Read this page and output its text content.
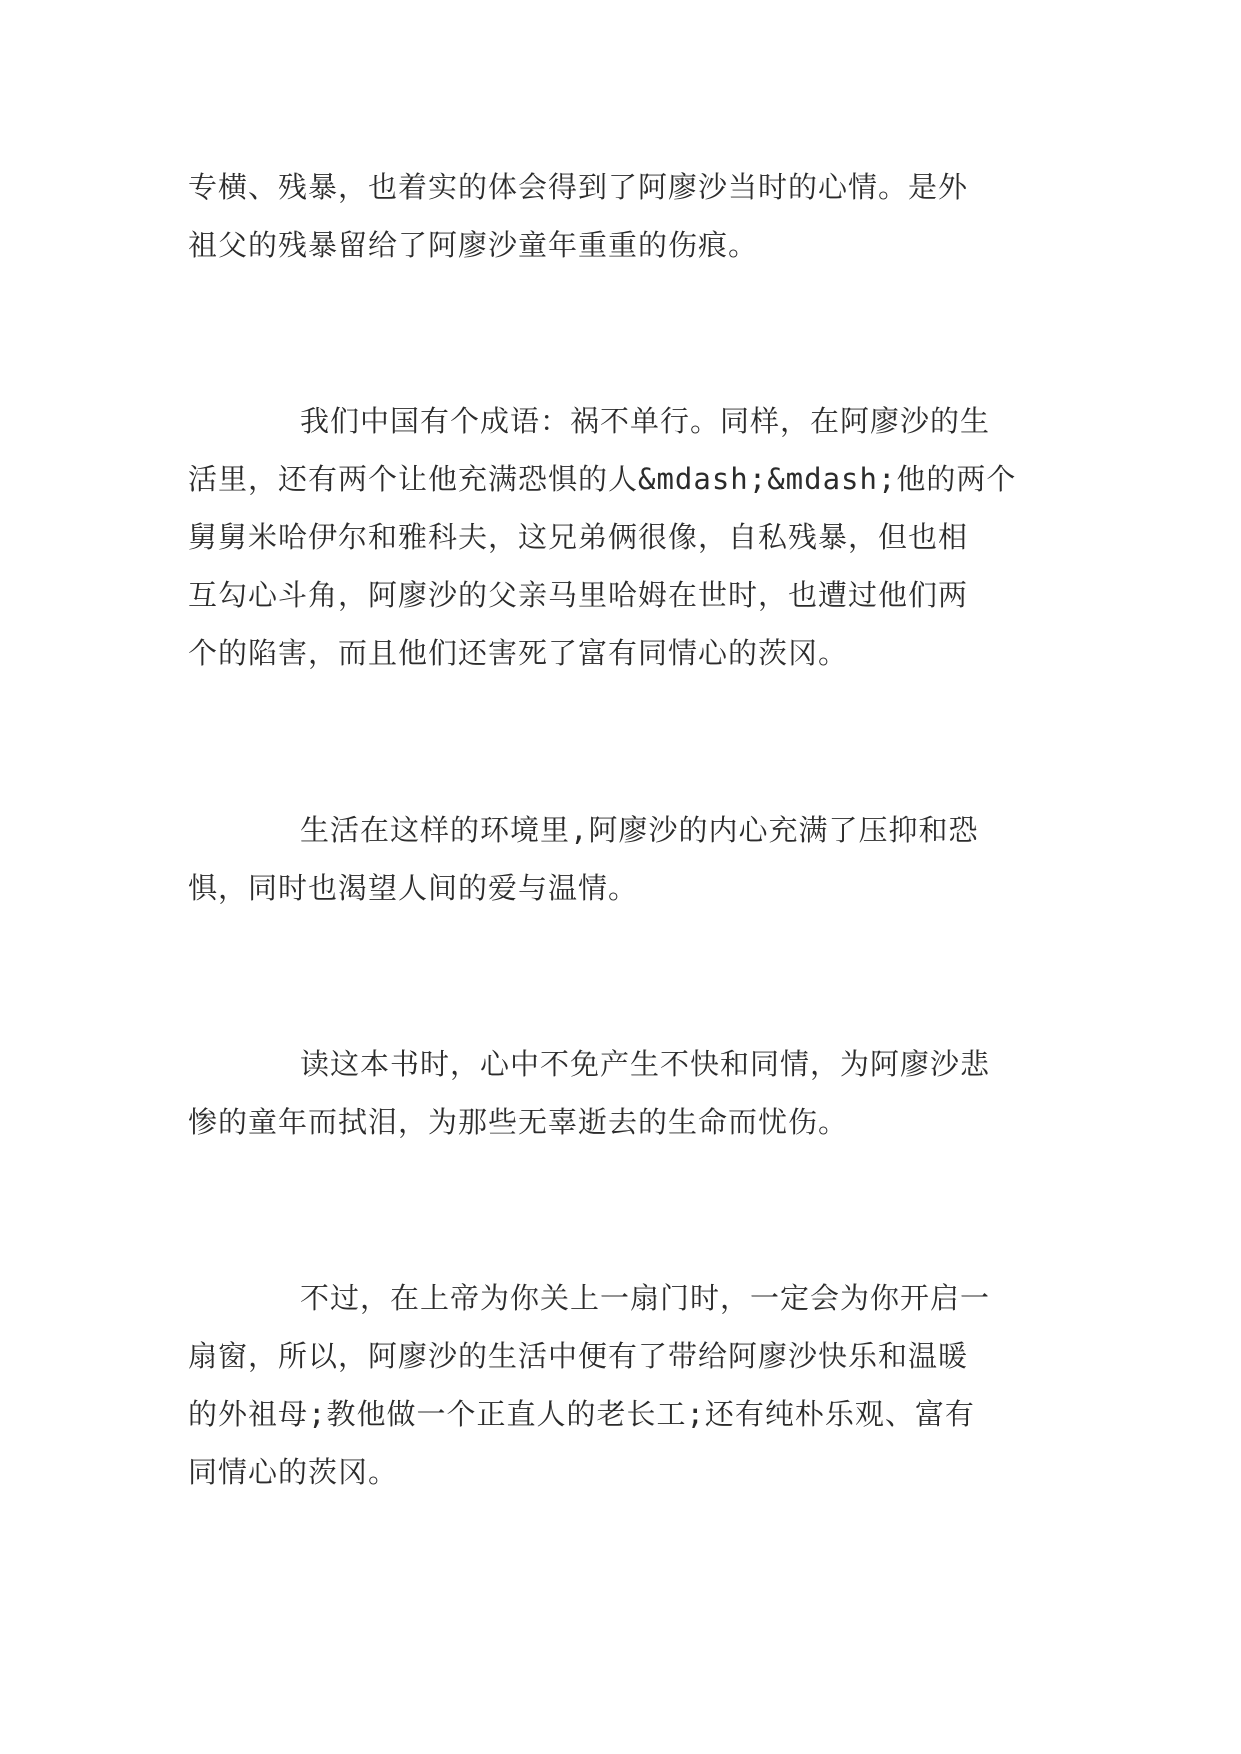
专横、残暴，也着实的体会得到了阿廖沙当时的心情。是外
祖父的残暴留给了阿廖沙童年重重的伤痕。

我们中国有个成语：祸不单行。同样，在阿廖沙的生
活里，还有两个让他充满恐惧的人&mdash;&mdash;他的两个
舅舅米哈伊尔和雅科夫，这兄弟俩很像，自私残暴，但也相
互勾心斗角，阿廖沙的父亲马里哈姆在世时，也遭过他们两
个的陷害，而且他们还害死了富有同情心的茨冈。

生活在这样的环境里,阿廖沙的内心充满了压抑和恐
惧，同时也渴望人间的爱与温情。

读这本书时，心中不免产生不快和同情，为阿廖沙悲
惨的童年而拭泪，为那些无辜逝去的生命而忧伤。

不过，在上帝为你关上一扇门时，一定会为你开启一
扇窗，所以，阿廖沙的生活中便有了带给阿廖沙快乐和温暖
的外祖母;教他做一个正直人的老长工;还有纯朴乐观、富有
同情心的茨冈。
